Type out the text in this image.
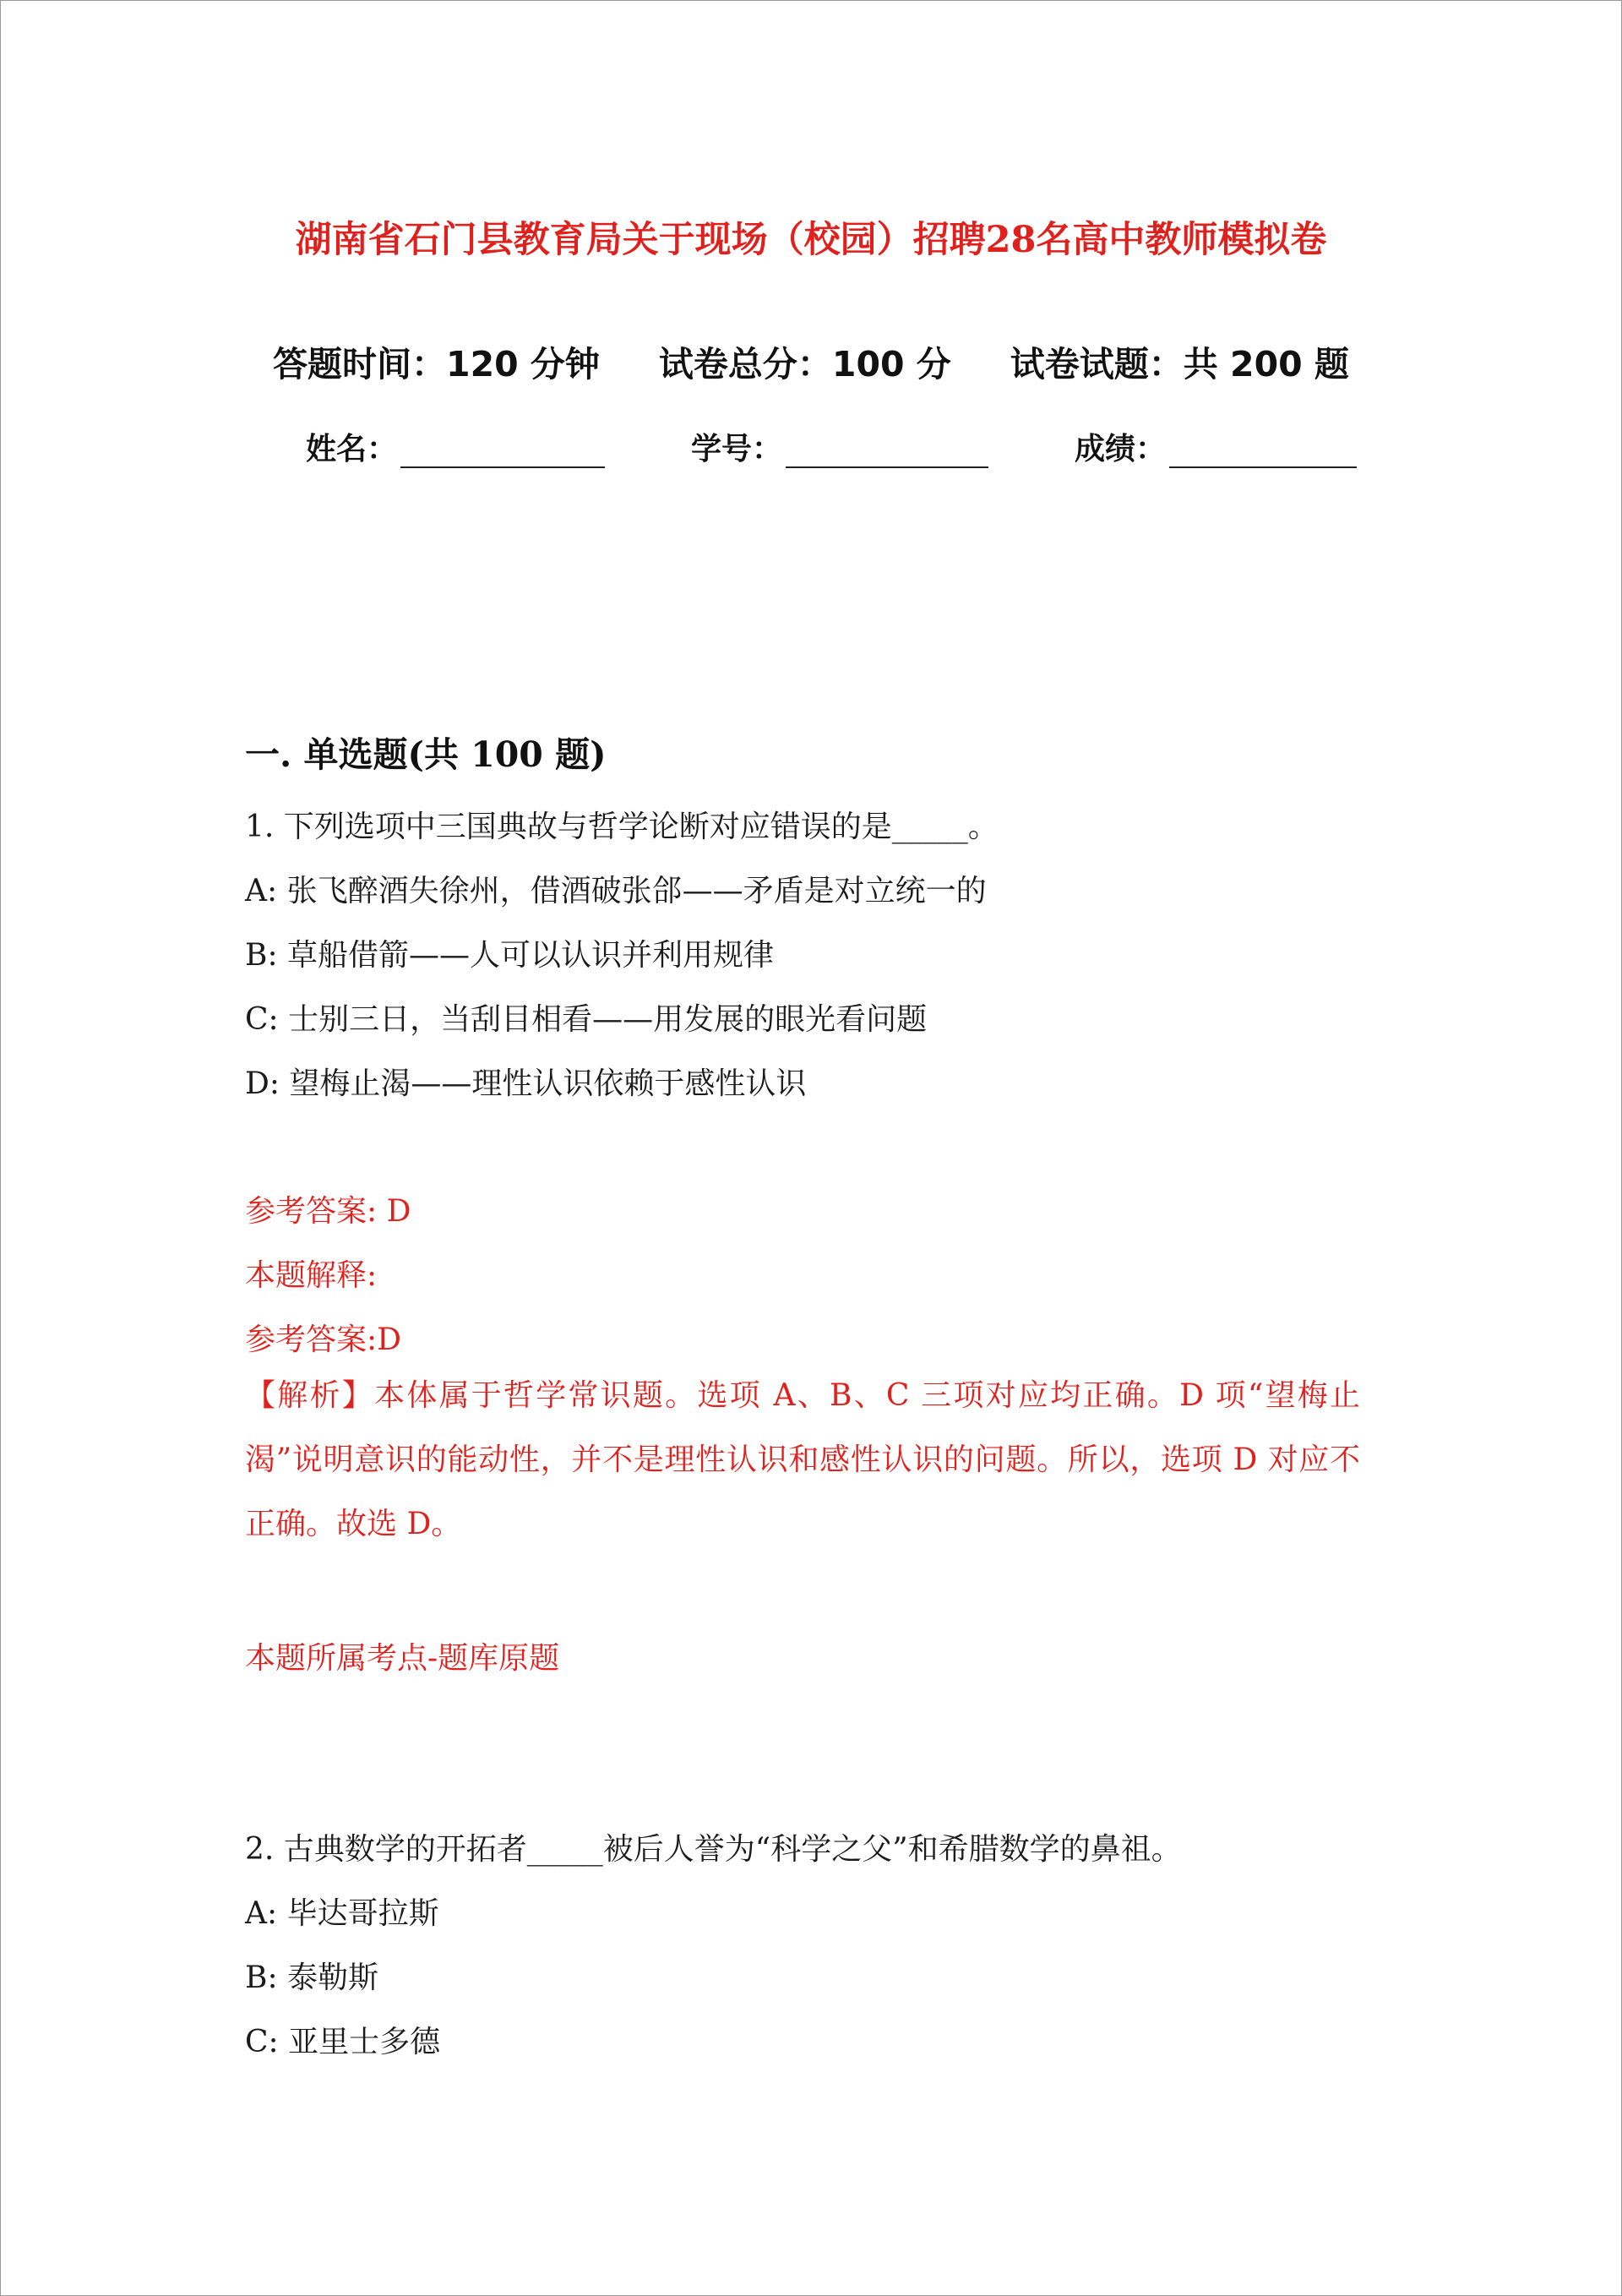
湖南省石门县教育局关于现场（校园）招聘28名高中教师模拟卷
答题时间：120 分钟 试卷总分：100 分 试卷试题：共 200 题
姓名：	学号：	成绩：
一. 单选题(共 100 题)
1. 下列选项中三国典故与哲学论断对应错误的是_____。
A: 张飞醉酒失徐州，借酒破张郃——矛盾是对立统一的
B: 草船借箭——人可以认识并利用规律
C: 士别三日，当刮目相看——用发展的眼光看问题
D: 望梅止渴——理性认识依赖于感性认识
参考答案: D
本题解释:
参考答案:D
【解析】本体属于哲学常识题。选项 A、B、C 三项对应均正确。D 项“望梅止渴”说明意识的能动性，并不是理性认识和感性认识的问题。所以，选项 D 对应不正确。故选 D。
本题所属考点-题库原题
2. 古典数学的开拓者_____被后人誉为“科学之父”和希腊数学的鼻祖。
A: 毕达哥拉斯
B: 泰勒斯
C: 亚里士多德
